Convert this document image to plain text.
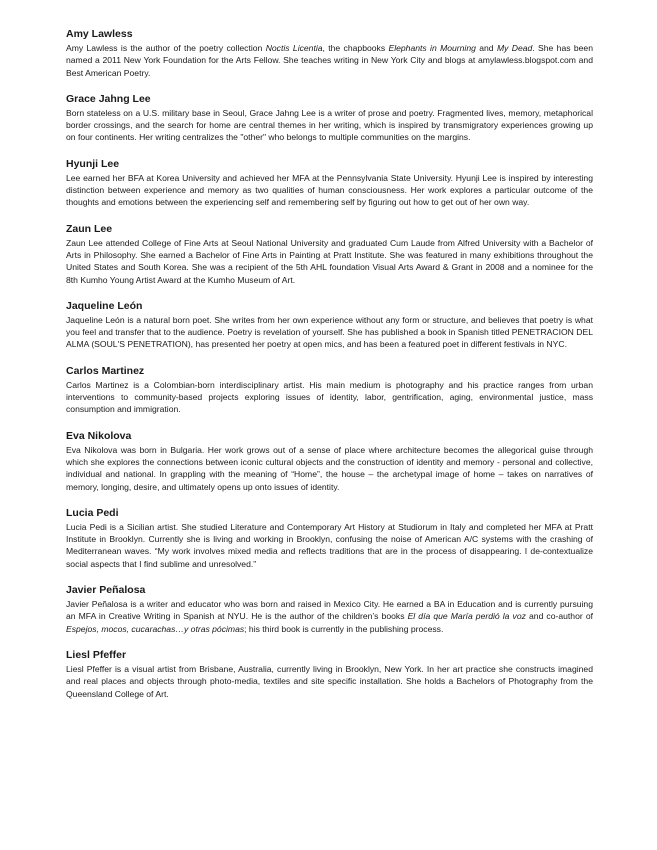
Amy Lawless

Amy Lawless is the author of the poetry collection Noctis Licentia, the chapbooks Elephants in Mourning and My Dead. She has been named a 2011 New York Foundation for the Arts Fellow. She teaches writing in New York City and blogs at amylawless.blogspot.com and Best American Poetry.

Grace Jahng Lee

Born stateless on a U.S. military base in Seoul, Grace Jahng Lee is a writer of prose and poetry. Fragmented lives, memory, metaphorical border crossings, and the search for home are central themes in her writing, which is inspired by transmigratory experiences growing up on four continents. Her writing centralizes the "other" who belongs to multiple communities on the margins.

Hyunji Lee

Lee earned her BFA at Korea University and achieved her MFA at the Pennsylvania State University. Hyunji Lee is inspired by interesting distinction between experience and memory as two qualities of human consciousness. Her work explores a particular outcome of the thoughts and emotions between the experiencing self and remembering self by figuring out how to get out of her own way.

Zaun Lee

Zaun Lee attended College of Fine Arts at Seoul National University and graduated Cum Laude from Alfred University with a Bachelor of Arts in Philosophy. She earned a Bachelor of Fine Arts in Painting at Pratt Institute. She was featured in many exhibitions throughout the United States and South Korea. She was a recipient of the 5th AHL foundation Visual Arts Award & Grant in 2008 and a nominee for the 8th Kumho Young Artist Award at the Kumho Museum of Art.

Jaqueline León

Jaqueline León is a natural born poet. She writes from her own experience without any form or structure, and believes that poetry is what you feel and transfer that to the audience. Poetry is revelation of yourself. She has published a book in Spanish titled PENETRACION DEL ALMA (SOUL'S PENETRATION), has presented her poetry at open mics, and has been a featured poet in different festivals in NYC.

Carlos Martinez

Carlos Martinez is a Colombian-born interdisciplinary artist. His main medium is photography and his practice ranges from urban interventions to community-based projects exploring issues of identity, labor, gentrification, aging, environmental justice, mass consumption and immigration.

Eva Nikolova

Eva Nikolova was born in Bulgaria. Her work grows out of a sense of place where architecture becomes the allegorical guise through which she explores the connections between iconic cultural objects and the construction of identity and memory - personal and collective, individual and national. In grappling with the meaning of “Home”, the house – the archetypal image of home – takes on narratives of memory, longing, desire, and ultimately opens up onto issues of identity.

Lucia Pedi

Lucia Pedi is a Sicilian artist. She studied Literature and Contemporary Art History at Studiorum in Italy and completed her MFA at Pratt Institute in Brooklyn. Currently she is living and working in Brooklyn, confusing the noise of American A/C systems with the crashing of Mediterranean waves. “My work involves mixed media and reflects traditions that are in the process of disappearing. I de-contextualize social aspects that I find sublime and unresolved.”

Javier Peñalosa

Javier Peñalosa is a writer and educator who was born and raised in Mexico City. He earned a BA in Education and is currently pursuing an MFA in Creative Writing in Spanish at NYU. He is the author of the children’s books El día que María perdió la voz and co-author of Espejos, mocos, cucarachas…y otras pócimas; his third book is currently in the publishing process.

Liesl Pfeffer

Liesl Pfeffer is a visual artist from Brisbane, Australia, currently living in Brooklyn, New York. In her art practice she constructs imagined and real places and objects through photo-media, textiles and site specific installation. She holds a Bachelors of Photography from the Queensland College of Art.
